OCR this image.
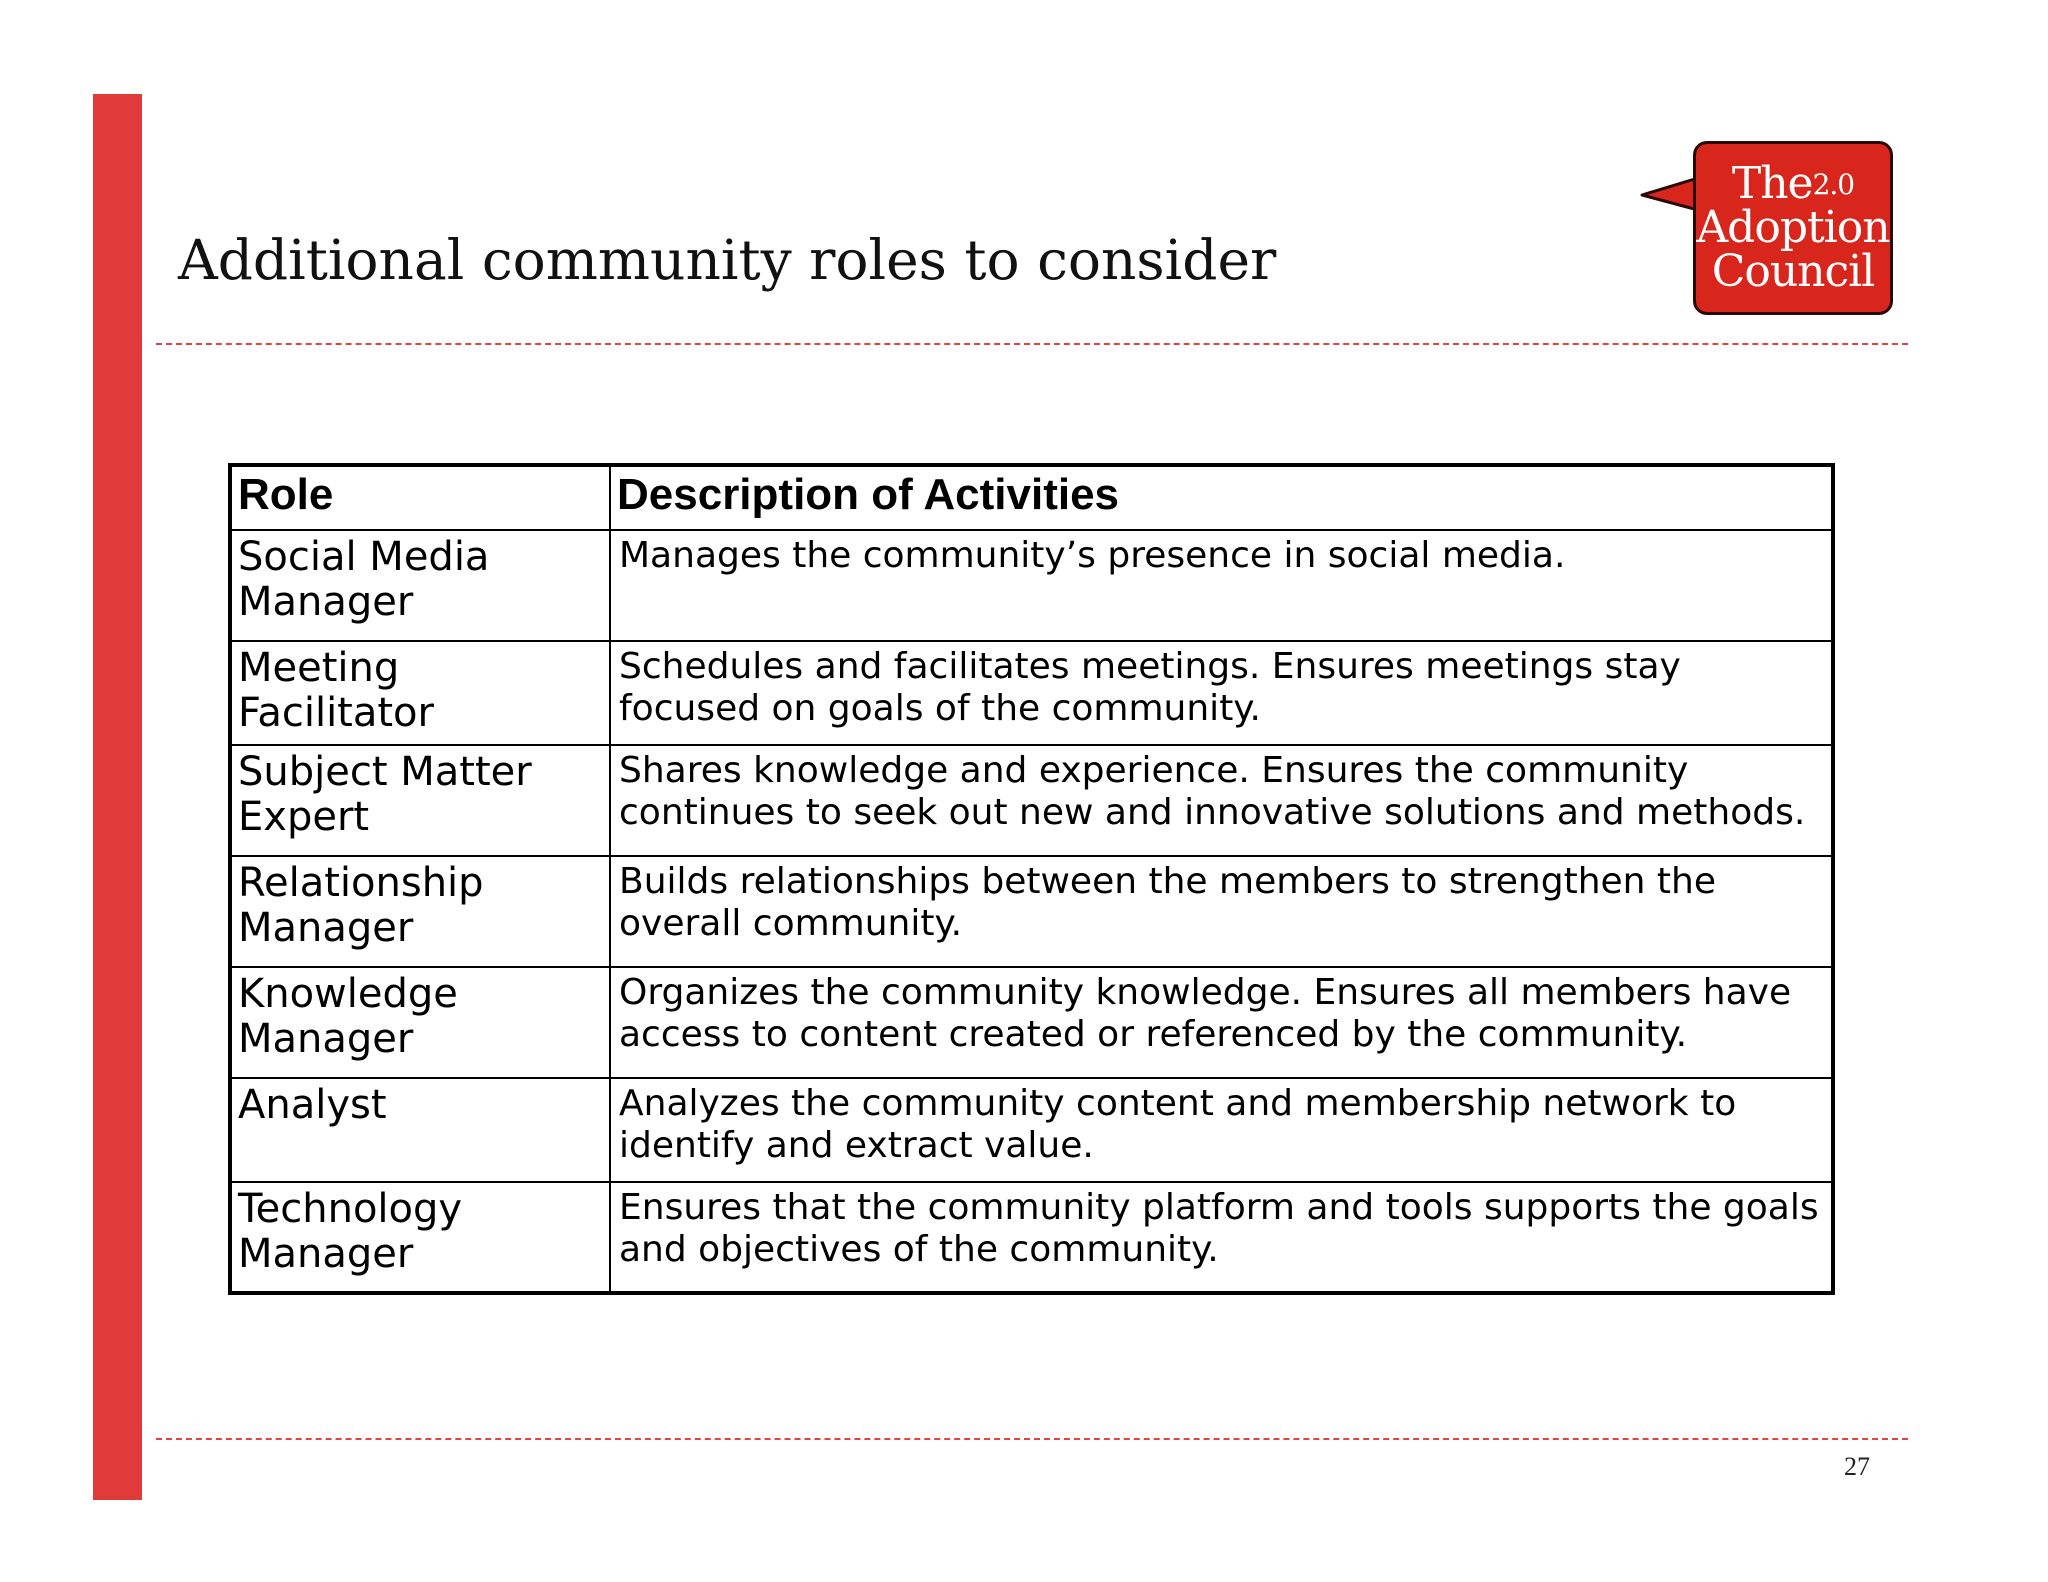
Additional community roles to consider
The$^{2.0}$
Adoption
Council
Role	Description of Activities
Social Media Manager	Manages the community’s presence in social media.
Meeting Facilitator	Schedules and facilitates meetings. Ensures meetings stay focused on goals of the community.
Subject Matter Expert	Shares knowledge and experience. Ensures the community continues to seek out new and innovative solutions and methods.
Relationship Manager	Builds relationships between the members to strengthen the overall community.
Knowledge Manager	Organizes the community knowledge. Ensures all members have access to content created or referenced by the community.
Analyst	Analyzes the community content and membership network to identify and extract value.
Technology Manager	Ensures that the community platform and tools supports the goals and objectives of the community.
27
